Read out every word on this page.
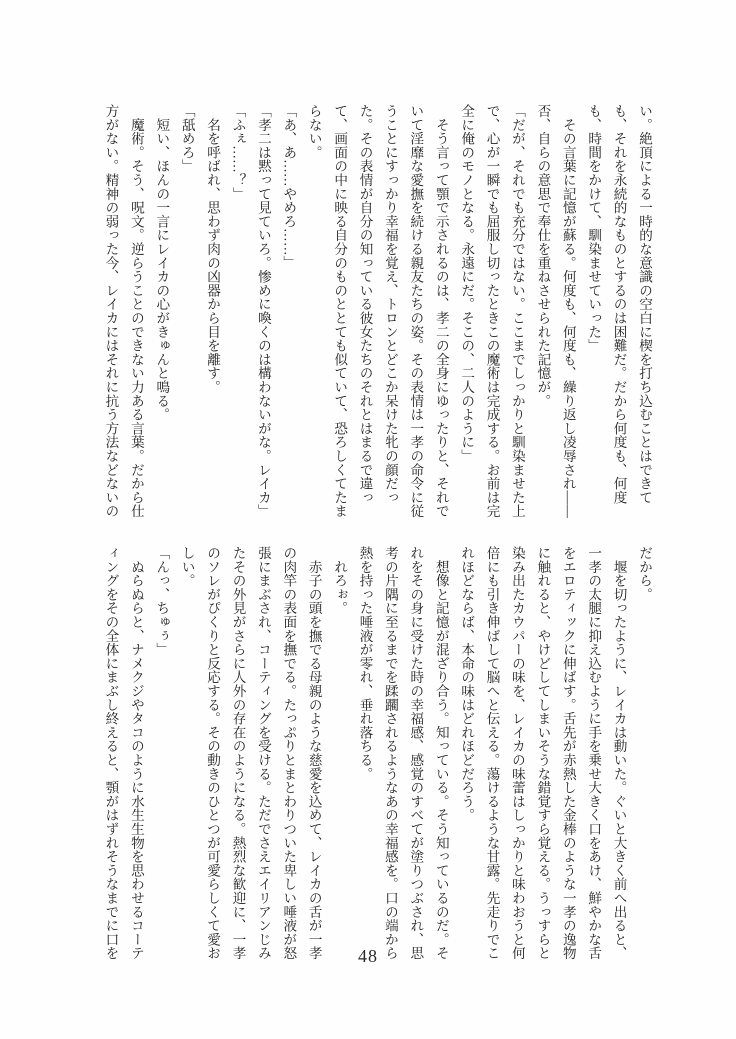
い。絶頂による一時的な意識の空白に楔を打ち込むことはできて

も、それを永続的なものとするのは困難だ。だから何度も、何度

も、時間をかけて、馴染ませていった」

　その言葉に記憶が蘇る。何度も、何度も、繰り返し凌辱され――

否、自らの意思で奉仕を重ねさせられた記憶が。

「だが、それでも充分ではない。ここまでしっかりと馴染ませた上

で、心が一瞬でも屈服し切ったときこの魔術は完成する。お前は完

全に俺のモノとなる。永遠にだ。そこの、二人のように」

　そう言って顎で示されるのは、孝二の全身にゆったりと、それで

いて淫靡な愛撫を続ける親友たちの姿。その表情は一孝の命令に従

うことにすっかり幸福を覚え、トロンとどこか呆けた牝の顔だっ

た。その表情が自分の知っている彼女たちのそれとはまるで違っ

て、画面の中に映る自分のものととても似ていて、恐ろしくてたま

らない。

「あ、あ……やめろ……」

「孝二は黙って見ていろ。惨めに喚くのは構わないがな。レイカ」

「ふぇ……？」

　名を呼ばれ、思わず肉の凶器から目を離す。

「舐めろ」

　短い、ほんの一言にレイカの心がきゅんと鳴る。

　魔術。そう、呪文。逆らうことのできない力ある言葉。だから仕

方がない。精神の弱った今、レイカにはそれに抗う方法などないの

だから。

　堰を切ったように、レイカは動いた。ぐいと大きく前へ出ると、

一孝の太腿に抑え込むように手を乗せ大きく口をあけ、鮮やかな舌

をエロティックに伸ばす。舌先が赤熱した金棒のような一孝の逸物

に触れると、やけどしてしまいそうな錯覚すら覚える。うっすらと

染み出たカウパーの味を、レイカの味蕾はしっかりと味わおうと何

倍にも引き伸ばして脳へと伝える。蕩けるような甘露。先走りでこ

れほどならば、本命の味はどれほどだろう。

　想像と記憶が混ざり合う。知っている。そう知っているのだ。そ

れをその身に受けた時の幸福感、感覚のすべてが塗りつぶされ、思

考の片隅に至るまでを蹂躙されるようなあの幸福感を。口の端から

熱を持った唾液が零れ、垂れ落ちる。

　れろぉ。

　赤子の頭を撫でる母親のような慈愛を込めて、レイカの舌が一孝

の肉竿の表面を撫でる。たっぷりとまとわりついた卑しい唾液が怒

張にまぶされ、コーティングを受ける。ただでさえエイリアンじみ

たその外見がさらに人外の存在のようになる。熱烈な歓迎に、一孝

のソレがぴくりと反応する。その動きのひとつが可愛らしくて愛お

しい。

「んっ、ちゅぅ」

　ぬらぬらと、ナメクジやタコのように水生生物を思わせるコーテ

ィングをその全体にまぶし終えると、顎がはずれそうなまでに口を	48
